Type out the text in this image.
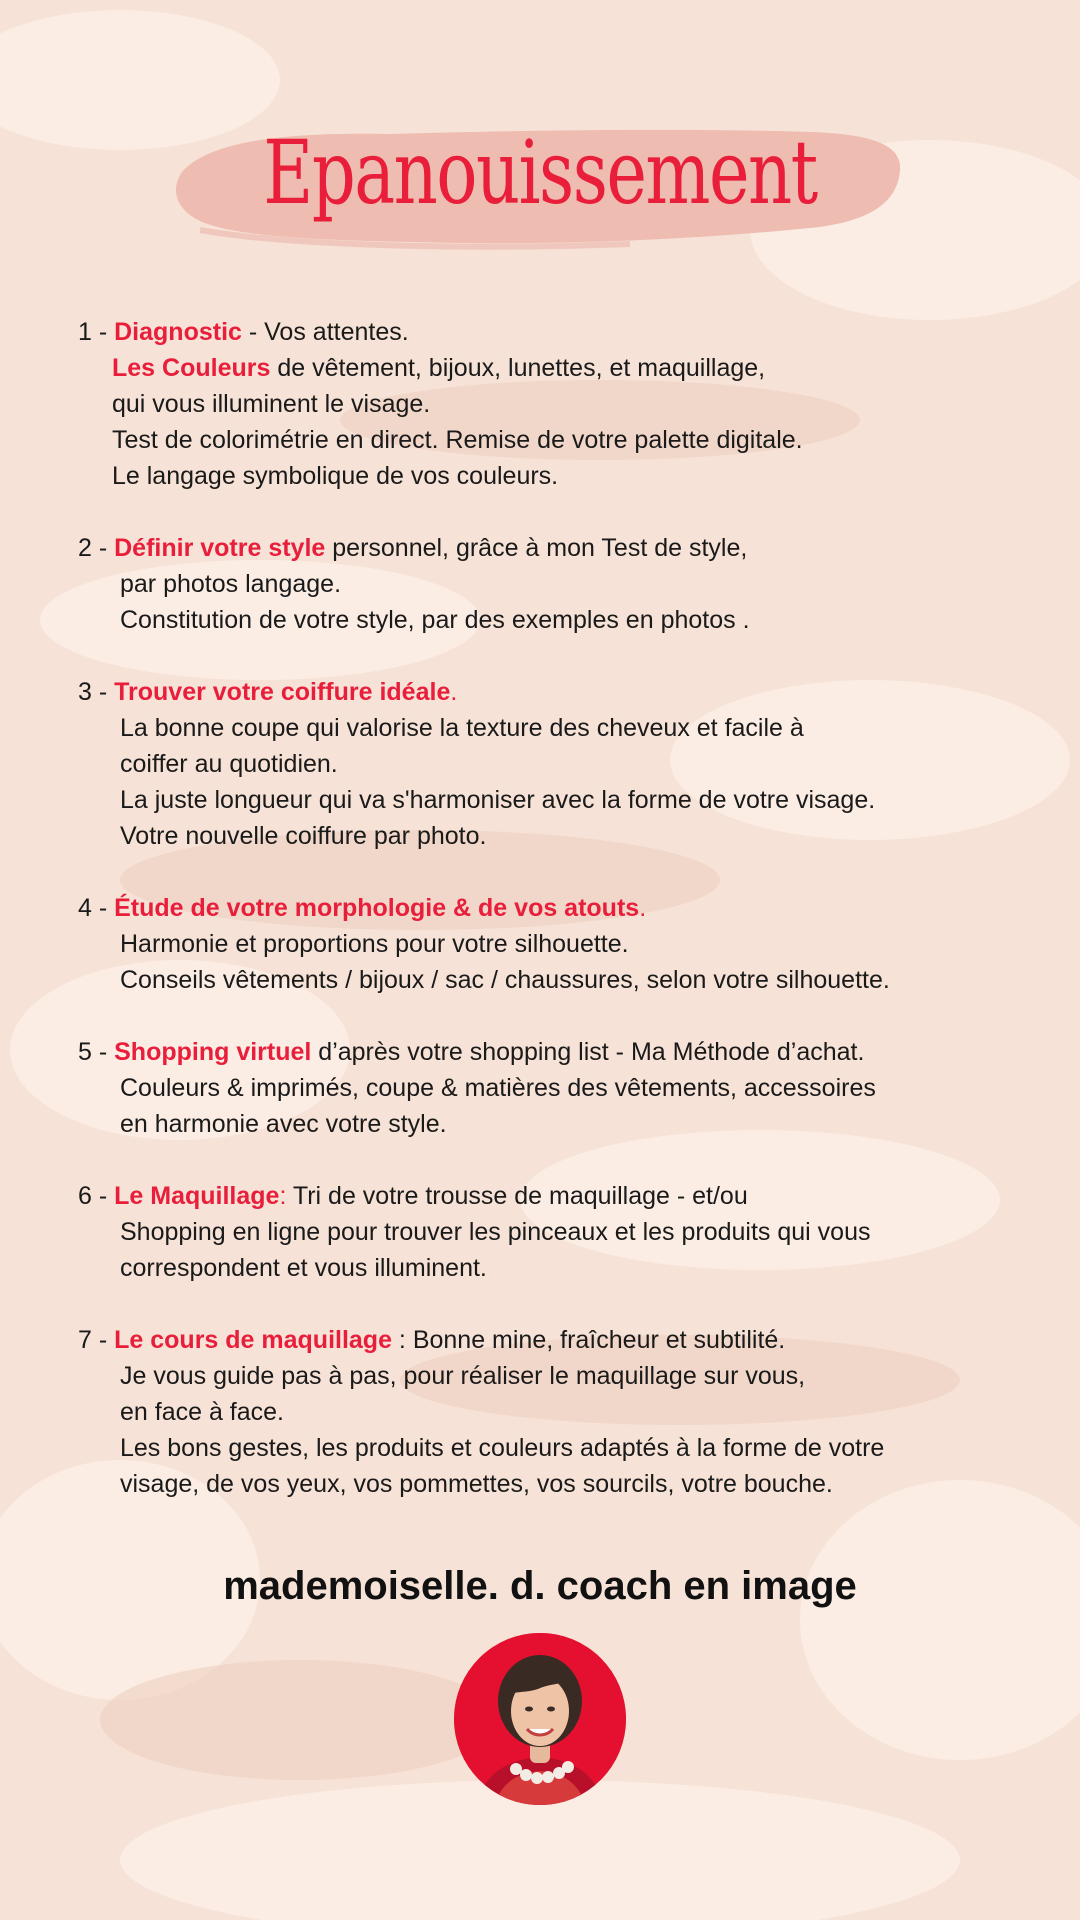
Epanouissement
1 - Diagnostic - Vos attentes.
Les Couleurs de vêtement, bijoux, lunettes, et maquillage,
qui vous illuminent le visage.
Test de colorimétrie en direct. Remise de votre palette digitale.
Le langage symbolique de vos couleurs.
2 - Définir votre style personnel, grâce à mon Test de style,
par photos langage.
Constitution de votre style, par des exemples en photos .
3 - Trouver votre coiffure idéale.
La bonne coupe qui valorise la texture des cheveux et facile à
coiffer au quotidien.
La juste longueur qui va s'harmoniser avec la forme de votre visage.
Votre nouvelle coiffure par photo.
4 - Étude de votre morphologie & de vos atouts.
Harmonie et proportions pour votre silhouette.
Conseils vêtements / bijoux / sac / chaussures, selon votre silhouette.
5 - Shopping virtuel d’après votre shopping list - Ma Méthode d’achat.
Couleurs & imprimés, coupe & matières des vêtements, accessoires
en harmonie avec votre style.
6 - Le Maquillage: Tri de votre trousse de maquillage - et/ou
Shopping en ligne pour trouver les pinceaux et les produits qui vous
correspondent et vous illuminent.
7 - Le cours de maquillage : Bonne mine, fraîcheur et subtilité.
Je vous guide pas à pas, pour réaliser le maquillage sur vous,
en face à face.
Les bons gestes, les produits et couleurs adaptés à la forme de votre
visage, de vos yeux, vos pommettes, vos sourcils, votre bouche.
mademoiselle. d. coach en image
